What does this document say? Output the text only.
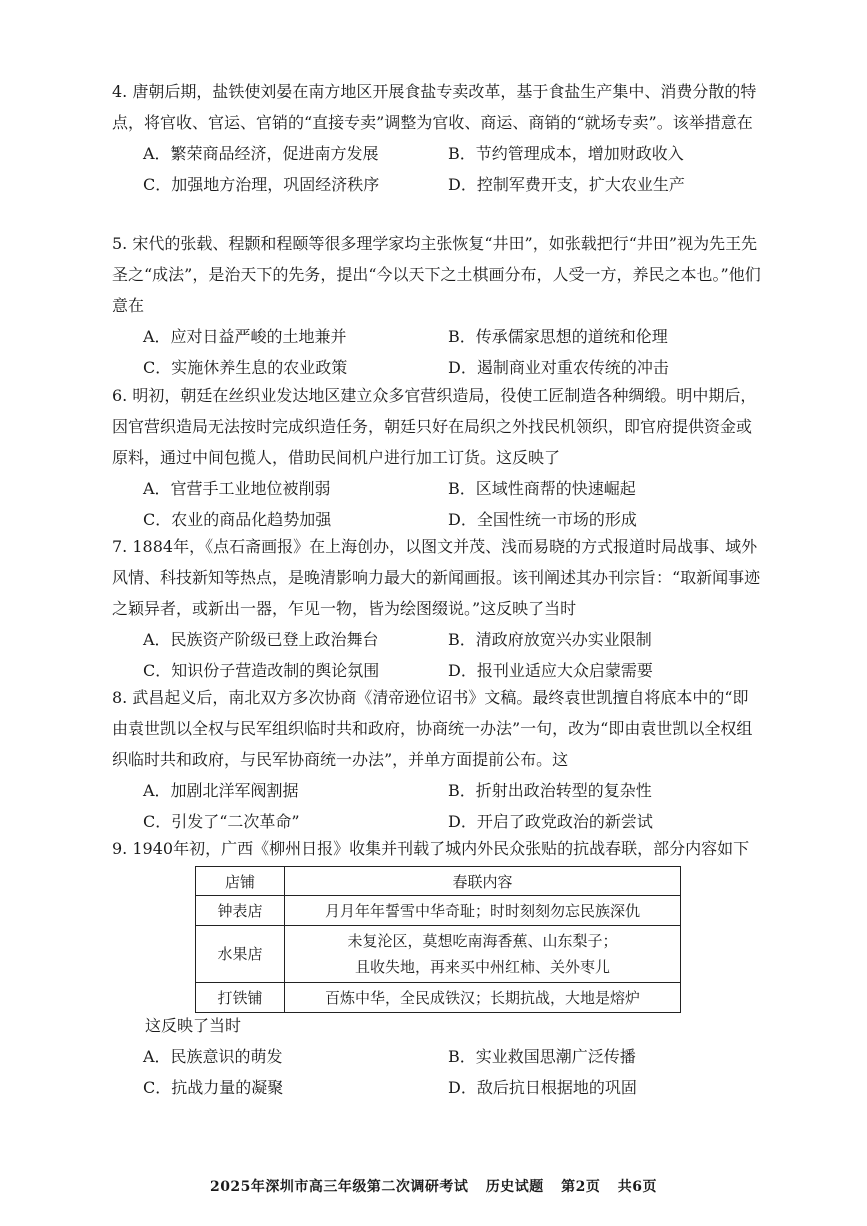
4. 唐朝后期，盐铁使刘晏在南方地区开展食盐专卖改革，基于食盐生产集中、消费分散的特点，将官收、官运、官销的“直接专卖”调整为官收、商运、商销的“就场专卖”。该举措意在

A．繁荣商品经济，促进南方发展	B．节约管理成本，增加财政收入
C．加强地方治理，巩固经济秩序	D．控制军费开支，扩大农业生产

5. 宋代的张载、程颢和程颐等很多理学家均主张恢复“井田”，如张载把行“井田”视为先王先圣之“成法”，是治天下的先务，提出“今以天下之土棋画分布，人受一方，养民之本也。”他们意在

A．应对日益严峻的土地兼并	B．传承儒家思想的道统和伦理
C．实施休养生息的农业政策	D．遏制商业对重农传统的冲击

6. 明初，朝廷在丝织业发达地区建立众多官营织造局，役使工匠制造各种绸缎。明中期后，因官营织造局无法按时完成织造任务，朝廷只好在局织之外找民机领织，即官府提供资金或原料，通过中间包揽人，借助民间机户进行加工订货。这反映了

A．官营手工业地位被削弱	B．区域性商帮的快速崛起
C．农业的商品化趋势加强	D．全国性统一市场的形成

7. 1884年，《点石斋画报》在上海创办，以图文并茂、浅而易晓的方式报道时局战事、域外风情、科技新知等热点，是晚清影响力最大的新闻画报。该刊阐述其办刊宗旨：“取新闻事迹之颖异者，或新出一器，乍见一物，皆为绘图缀说。”这反映了当时

A．民族资产阶级已登上政治舞台	B．清政府放宽兴办实业限制
C．知识份子营造改制的舆论氛围	D．报刊业适应大众启蒙需要

8. 武昌起义后，南北双方多次协商《清帝逊位诏书》文稿。最终袁世凯擅自将底本中的“即由袁世凯以全权与民军组织临时共和政府，协商统一办法”一句，改为“即由袁世凯以全权组织临时共和政府，与民军协商统一办法”，并单方面提前公布。这

A．加剧北洋军阀割据	B．折射出政治转型的复杂性
C．引发了“二次革命”	D．开启了政党政治的新尝试

9. 1940年初，广西《柳州日报》收集并刊载了城内外民众张贴的抗战春联，部分内容如下

店铺	春联内容
钟表店	月月年年誓雪中华奇耻；时时刻刻勿忘民族深仇
水果店	未复沦区，莫想吃南海香蕉、山东梨子；
且收失地，再来买中州红柿、关外枣儿

打铁铺	百炼中华，全民成铁汉；长期抗战，大地是熔炉

这反映了当时

A．民族意识的萌发	B．实业救国思潮广泛传播
C．抗战力量的凝聚	D．敌后抗日根据地的巩固
2025年深圳市高三年级第二次调研考试 历史试题 第2页 共6页
